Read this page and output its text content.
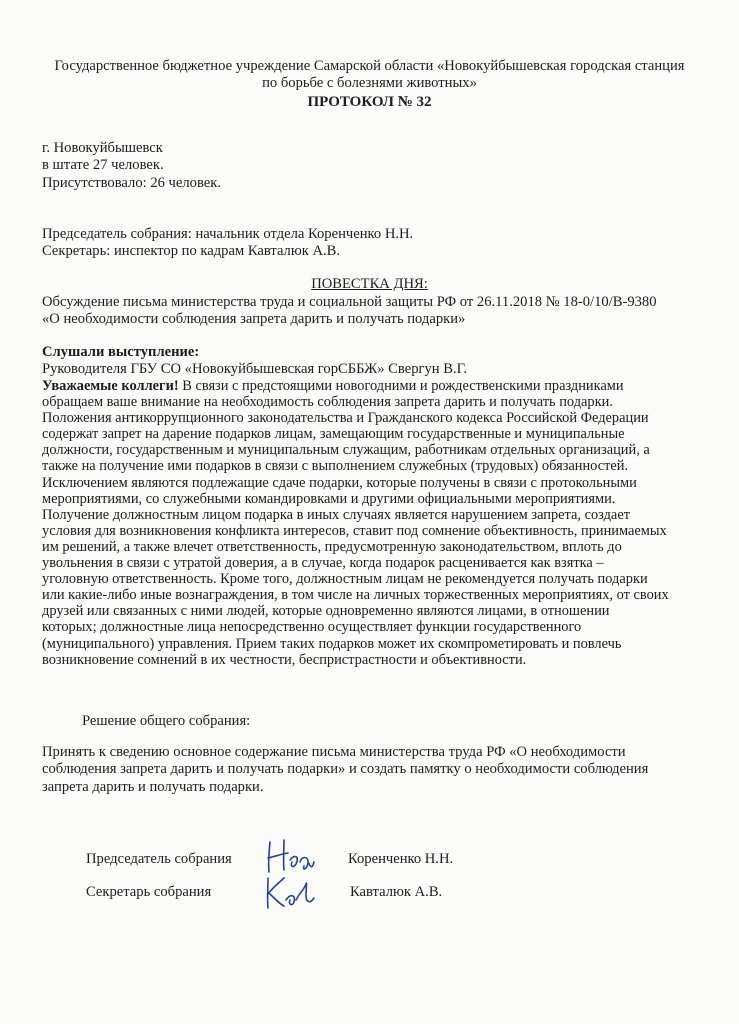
Государственное бюджетное учреждение Самарской области «Новокуйбышевская городская станция
по борьбе с болезнями животных»
ПРОТОКОЛ № 32
г. Новокуйбышевск
в штате 27 человек.
Присутствовало: 26 человек.
Председатель собрания: начальник отдела Коренченко Н.Н.
Секретарь: инспектор по кадрам Кавталюк А.В.
ПОВЕСТКА ДНЯ:
Обсуждение письма министерства труда и социальной защиты РФ от 26.11.2018 № 18-0/10/В-9380
«О необходимости соблюдения запрета дарить и получать подарки»
Слушали выступление:
Руководителя ГБУ СО «Новокуйбышевская горСББЖ» Свергун В.Г.

Уважаемые коллеги! В связи с предстоящими новогодними и рождественскими праздниками

обращаем ваше внимание на необходимость соблюдения запрета дарить и получать подарки.

Положения антикоррупционного законодательства и Гражданского кодекса Российской Федерации

содержат запрет на дарение подарков лицам, замещающим государственные и муниципальные

должности, государственным и муниципальным служащим, работникам отдельных организаций, а

также на получение ими подарков в связи с выполнением служебных (трудовых) обязанностей.

Исключением являются подлежащие сдаче подарки, которые получены в связи с протокольными

мероприятиями, со служебными командировками и другими официальными мероприятиями.

Получение должностным лицом подарка в иных случаях является нарушением запрета, создает

условия для возникновения конфликта интересов, ставит под сомнение объективность, принимаемых

им решений, а также влечет ответственность, предусмотренную законодательством, вплоть до

увольнения в связи с утратой доверия, а в случае, когда подарок расценивается как взятка –

уголовную ответственность. Кроме того, должностным лицам не рекомендуется получать подарки

или какие-либо иные вознаграждения, в том числе на личных торжественных мероприятиях, от своих

друзей или связанных с ними людей, которые одновременно являются лицами, в отношении

которых; должностные лица непосредственно осуществляет функции государственного

(муниципального) управления. Прием таких подарков может их скомпрометировать и повлечь

возникновение сомнений в их честности, беспристрастности и объективности.

Решение общего собрания:
Принять к сведению основное содержание письма министерства труда РФ «О необходимости
соблюдения запрета дарить и получать подарки» и создать памятку о необходимости соблюдения
запрета дарить и получать подарки.
Председатель собрания	Коренченко Н.Н.
Секретарь собрания	Кавталюк А.В.
